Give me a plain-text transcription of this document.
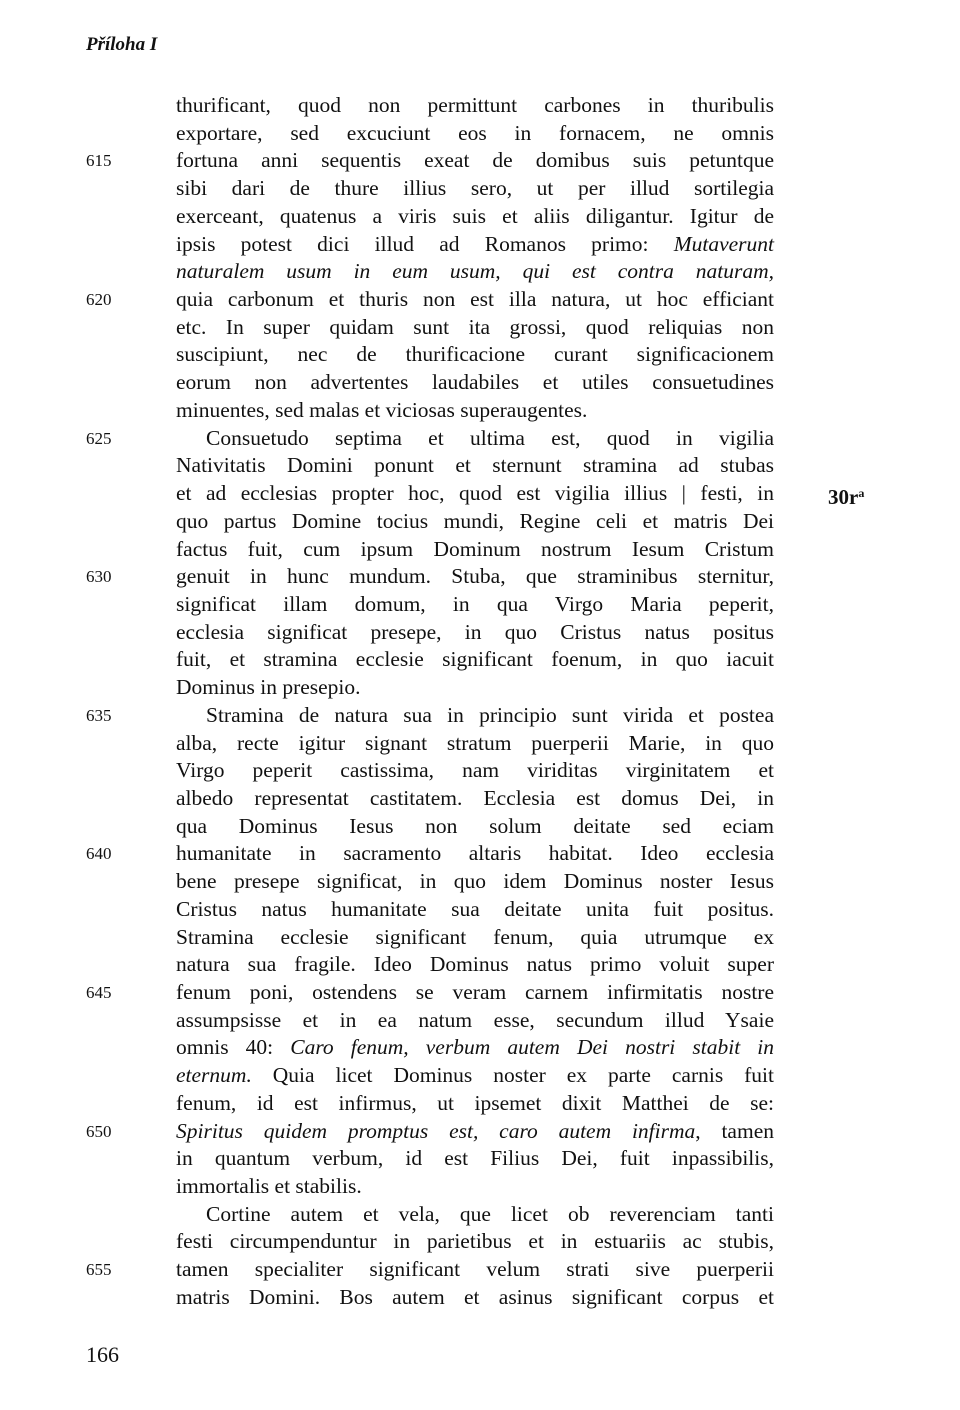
Příloha I
thurificant, quod non permittunt carbones in thuribulis
exportare, sed excuciunt eos in fornacem, ne omnis
fortuna anni sequentis exeat de domibus suis petuntque
sibi dari de thure illius sero, ut per illud sortilegia
exerceant, quatenus a viris suis et aliis diligantur. Igitur de
ipsis potest dici illud ad Romanos primo: Mutaverunt
naturalem usum in eum usum, qui est contra naturam,
quia carbonum et thuris non est illa natura, ut hoc efficiant
etc. In super quidam sunt ita grossi, quod reliquias non
suscipiunt, nec de thurificacione curant significacionem
eorum non advertentes laudabiles et utiles consuetudines
minuentes, sed malas et viciosas superaugentes.
Consuetudo septima et ultima est, quod in vigilia
Nativitatis Domini ponunt et sternunt stramina ad stubas
et ad ecclesias propter hoc, quod est vigilia illius | festi, in
quo partus Domine tocius mundi, Regine celi et matris Dei
factus fuit, cum ipsum Dominum nostrum Iesum Cristum
genuit in hunc mundum. Stuba, que straminibus sternitur,
significat illam domum, in qua Virgo Maria peperit,
ecclesia significat presepe, in quo Cristus natus positus
fuit, et stramina ecclesie significant foenum, in quo iacuit
Dominus in presepio.
Stramina de natura sua in principio sunt virida et postea
alba, recte igitur signant stratum puerperii Marie, in quo
Virgo peperit castissima, nam viriditas virginitatem et
albedo representat castitatem. Ecclesia est domus Dei, in
qua Dominus Iesus non solum deitate sed eciam
humanitate in sacramento altaris habitat. Ideo ecclesia
bene presepe significat, in quo idem Dominus noster Iesus
Cristus natus humanitate sua deitate unita fuit positus.
Stramina ecclesie significant fenum, quia utrumque ex
natura sua fragile. Ideo Dominus natus primo voluit super
fenum poni, ostendens se veram carnem infirmitatis nostre
assumpsisse et in ea natum esse, secundum illud Ysaie
omnis 40: Caro fenum, verbum autem Dei nostri stabit in
eternum. Quia licet Dominus noster ex parte carnis fuit
fenum, id est infirmus, ut ipsemet dixit Matthei de se:
Spiritus quidem promptus est, caro autem infirma, tamen
in quantum verbum, id est Filius Dei, fuit inpassibilis,
immortalis et stabilis.
Cortine autem et vela, que licet ob reverenciam tanti
festi circumpenduntur in parietibus et in estuariis ac stubis,
tamen specialiter significant velum strati sive puerperii
matris Domini. Bos autem et asinus significant corpus et
615
620
625
630
635
640
645
650
655
$30r^a$
166
